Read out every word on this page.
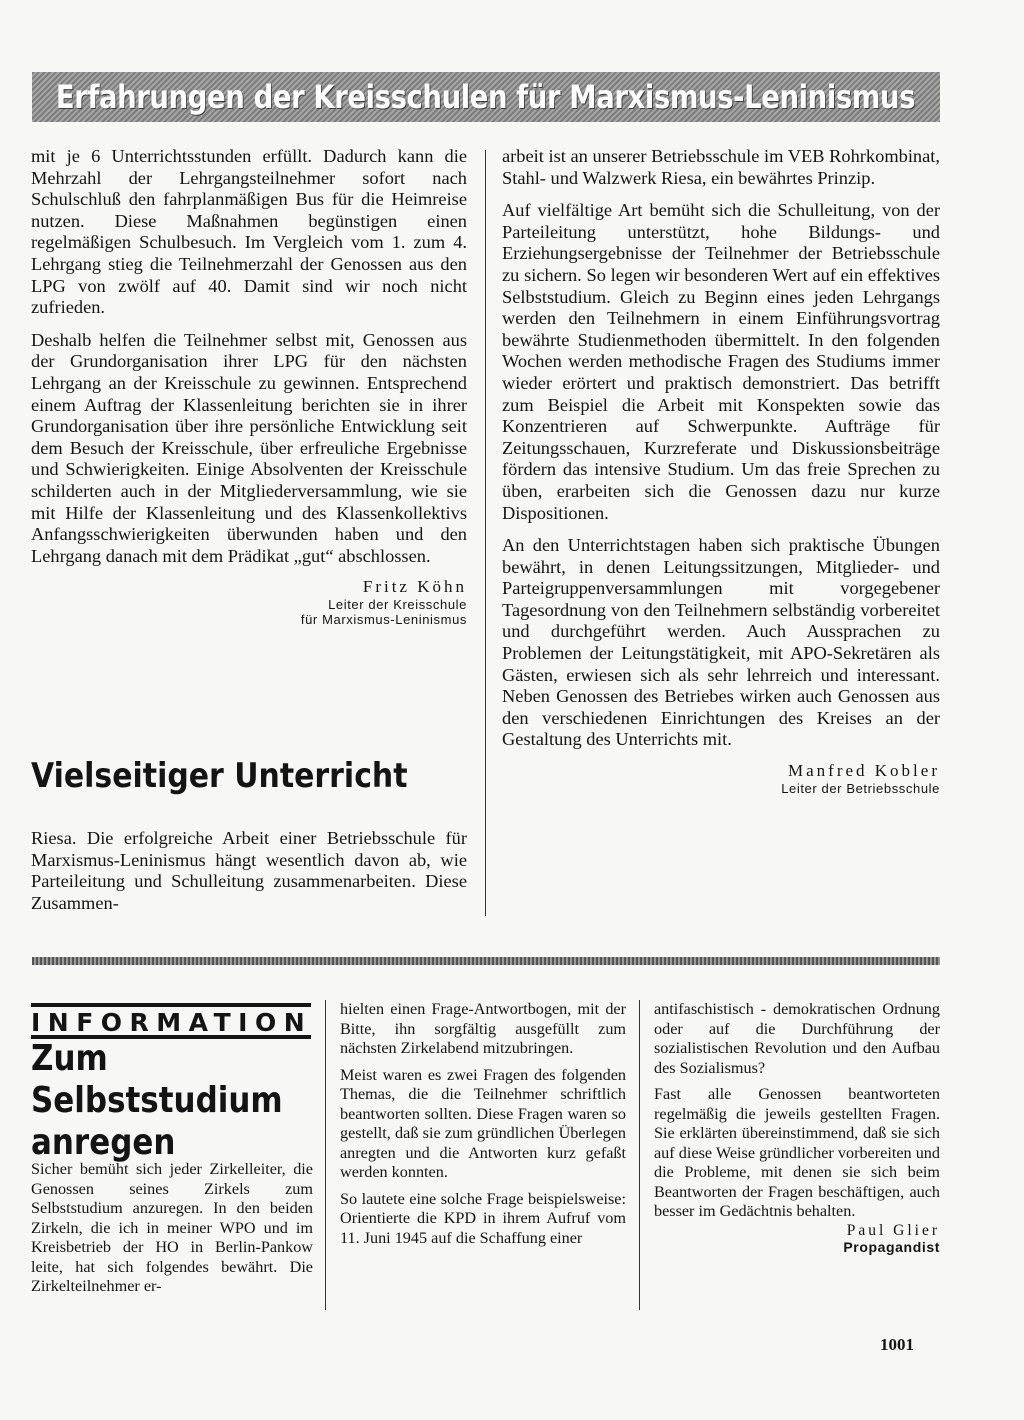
Erfahrungen der Kreisschulen für Marxismus-Leninismus

mit je 6 Unterrichtsstunden erfüllt. Dadurch kann die Mehrzahl der Lehrgangsteilnehmer sofort nach Schulschluß den fahrplanmäßigen Bus für die Heimreise nutzen. Diese Maßnahmen begünstigen einen regelmäßigen Schulbesuch. Im Vergleich vom 1. zum 4. Lehrgang stieg die Teilnehmerzahl der Genossen aus den LPG von zwölf auf 40. Damit sind wir noch nicht zufrieden.

Deshalb helfen die Teilnehmer selbst mit, Genossen aus der Grundorganisation ihrer LPG für den nächsten Lehrgang an der Kreisschule zu gewinnen. Entsprechend einem Auftrag der Klassenleitung berichten sie in ihrer Grundorganisation über ihre persönliche Entwicklung seit dem Besuch der Kreisschule, über erfreuliche Ergebnisse und Schwierigkeiten. Einige Absolventen der Kreisschule schilderten auch in der Mitgliederversammlung, wie sie mit Hilfe der Klassenleitung und des Klassenkollektivs Anfangsschwierigkeiten überwunden haben und den Lehrgang danach mit dem Prädikat „gut“ abschlossen.

Fritz Köhn
Leiter der Kreisschule
für Marxismus-Leninismus
Vielseitiger Unterricht

Riesa. Die erfolgreiche Arbeit einer Betriebsschule für Marxismus-Leninismus hängt wesentlich davon ab, wie Parteileitung und Schulleitung zusammenarbeiten. Diese Zusammen-

arbeit ist an unserer Betriebsschule im VEB Rohrkombinat, Stahl- und Walzwerk Riesa, ein bewährtes Prinzip.

Auf vielfältige Art bemüht sich die Schulleitung, von der Parteileitung unterstützt, hohe Bildungs- und Erziehungsergebnisse der Teilnehmer der Betriebsschule zu sichern. So legen wir besonderen Wert auf ein effektives Selbststudium. Gleich zu Beginn eines jeden Lehrgangs werden den Teilnehmern in einem Einführungsvortrag bewährte Studienmethoden übermittelt. In den folgenden Wochen werden methodische Fragen des Studiums immer wieder erörtert und praktisch demonstriert. Das betrifft zum Beispiel die Arbeit mit Konspekten sowie das Konzentrieren auf Schwerpunkte. Aufträge für Zeitungsschauen, Kurzreferate und Diskussionsbeiträge fördern das intensive Studium. Um das freie Sprechen zu üben, erarbeiten sich die Genossen dazu nur kurze Dispositionen.

An den Unterrichtstagen haben sich praktische Übungen bewährt, in denen Leitungssitzungen, Mitglieder- und Parteigruppenversammlungen mit vorgegebener Tagesordnung von den Teilnehmern selbständig vorbereitet und durchgeführt werden. Auch Aussprachen zu Problemen der Leitungstätigkeit, mit APO-Sekretären als Gästen, erwiesen sich als sehr lehrreich und interessant. Neben Genossen des Betriebes wirken auch Genossen aus den verschiedenen Einrichtungen des Kreises an der Gestaltung des Unterrichts mit.

Manfred Kobler
Leiter der Betriebsschule
INFORMATION
Zum Selbststudium anregen

Sicher bemüht sich jeder Zirkelleiter, die Genossen seines Zirkels zum Selbststudium anzuregen. In den beiden Zirkeln, die ich in meiner WPO und im Kreisbetrieb der HO in Berlin-Pankow leite, hat sich folgendes bewährt. Die Zirkelteilnehmer er-

hielten einen Frage-Antwortbogen, mit der Bitte, ihn sorgfältig ausgefüllt zum nächsten Zirkelabend mitzubringen.

Meist waren es zwei Fragen des folgenden Themas, die die Teilnehmer schriftlich beantworten sollten. Diese Fragen waren so gestellt, daß sie zum gründlichen Überlegen anregten und die Antworten kurz gefaßt werden konnten.

So lautete eine solche Frage beispielsweise: Orientierte die KPD in ihrem Aufruf vom 11. Juni 1945 auf die Schaffung einer

antifaschistisch - demokratischen Ordnung oder auf die Durchführung der sozialistischen Revolution und den Aufbau des Sozialismus?

Fast alle Genossen beantworteten regelmäßig die jeweils gestellten Fragen. Sie erklärten übereinstimmend, daß sie sich auf diese Weise gründlicher vorbereiten und die Probleme, mit denen sie sich beim Beantworten der Fragen beschäftigen, auch besser im Gedächtnis behalten.

Paul Glier
Propagandist
1001
